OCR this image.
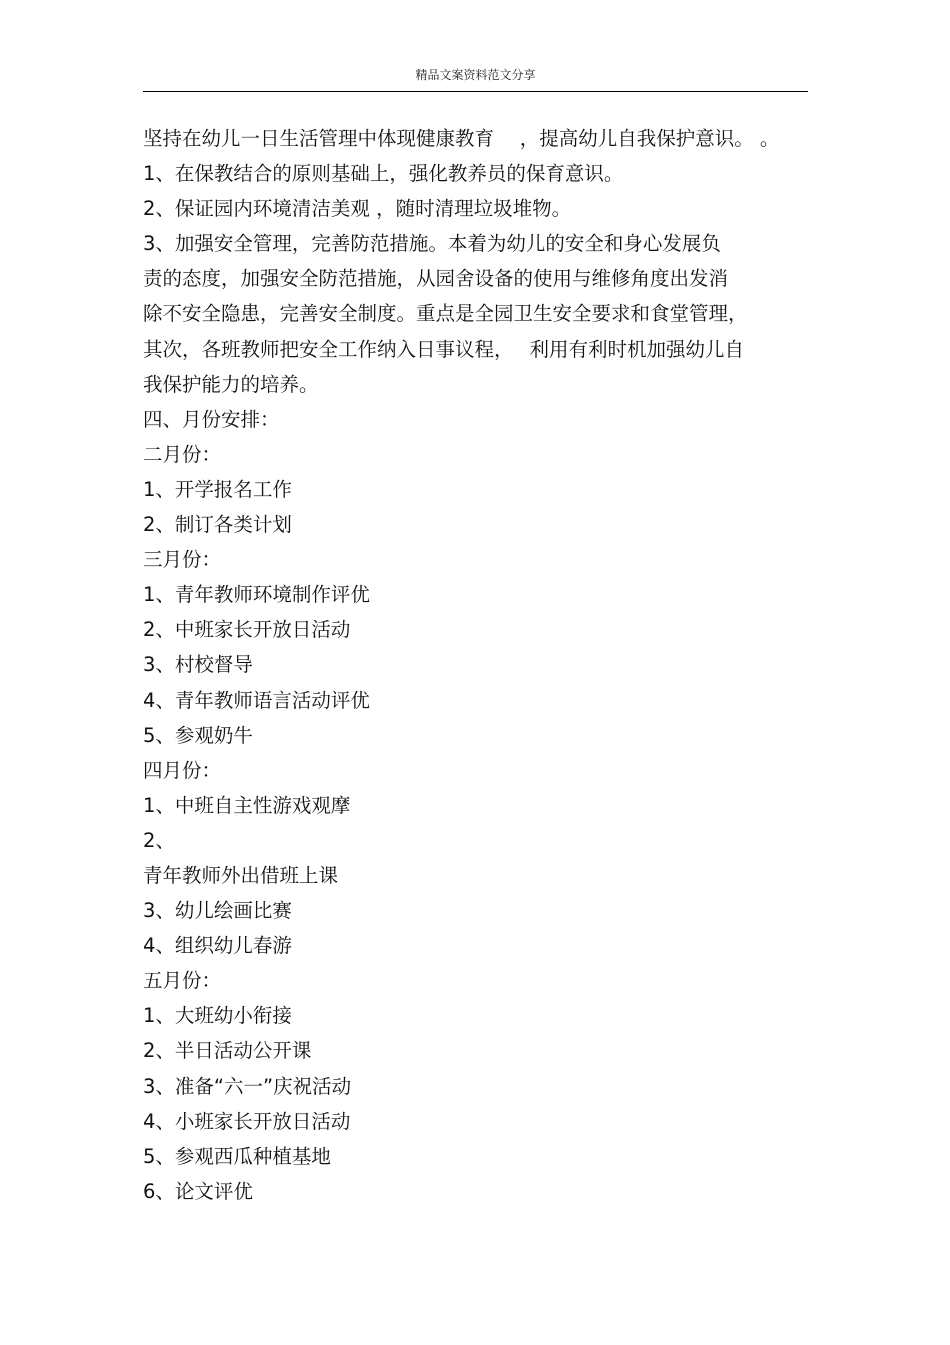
精品文案资料范文分享
坚持在幼儿一日生活管理中体现健康教育　 ，提高幼儿自我保护意识。 。
1、在保教结合的原则基础上，强化教养员的保育意识。
2、保证园内环境清洁美观 ，随时清理垃圾堆物。
3、加强安全管理，完善防范措施。本着为幼儿的安全和身心发展负
责的态度，加强安全防范措施，从园舍设备的使用与维修角度出发消
除不安全隐患，完善安全制度。重点是全园卫生安全要求和食堂管理，
其次，各班教师把安全工作纳入日事议程，　 利用有利时机加强幼儿自
我保护能力的培养。
四、月份安排：
二月份：
1、开学报名工作
2、制订各类计划
三月份：
1、青年教师环境制作评优
2、中班家长开放日活动
3、村校督导
4、青年教师语言活动评优
5、参观奶牛
四月份：
1、中班自主性游戏观摩
2、
青年教师外出借班上课
3、幼儿绘画比赛
4、组织幼儿春游
五月份：
1、大班幼小衔接
2、半日活动公开课
3、准备“六一”庆祝活动
4、小班家长开放日活动
5、参观西瓜种植基地
6、论文评优
